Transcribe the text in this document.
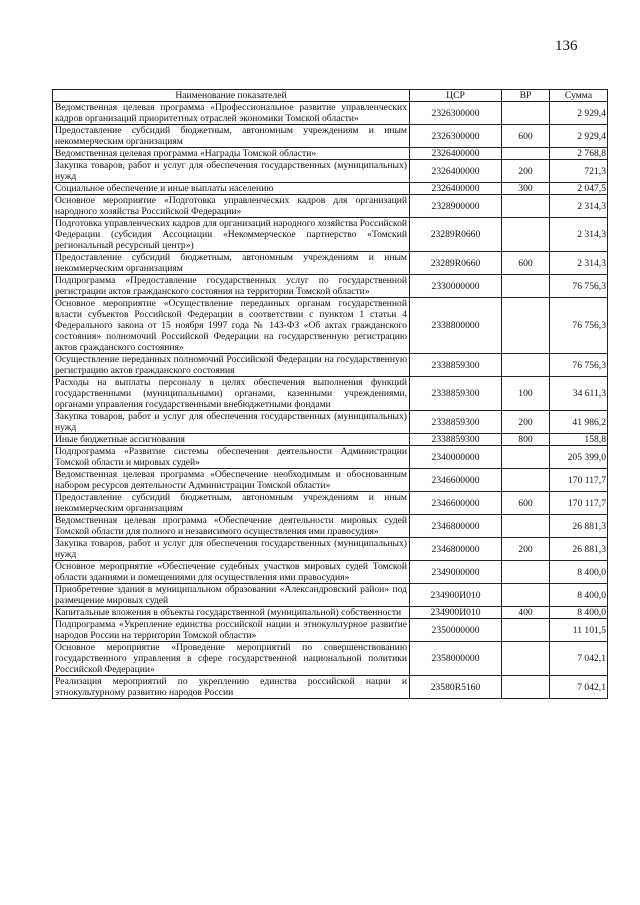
136
Наименование показателей	ЦСР	ВР	Сумма
Ведомственная целевая программа «Профессиональное развитие управленческих кадров организаций приоритетных отраслей экономики Томской области»	2326300000		2 929,4
Предоставление субсидий бюджетным, автономным учреждениям и иным некоммерческим организациям	2326300000	600	2 929,4
Ведомственная целевая программа «Награды Томской области»	2326400000		2 768,8
Закупка товаров, работ и услуг для обеспечения государственных (муниципальных) нужд	2326400000	200	721,3
Социальное обеспечение и иные выплаты населению	2326400000	300	2 047,5
Основное мероприятие «Подготовка управленческих кадров для организаций народного хозяйства Российской Федерации»	2328900000		2 314,3
Подготовка управленческих кадров для организаций народного хозяйства Российской Федерации (субсидия Ассоциации «Некоммерческое партнерство «Томский региональный ресурсный центр»)	23289R0660		2 314,3
Предоставление субсидий бюджетным, автономным учреждениям и иным некоммерческим организациям	23289R0660	600	2 314,3
Подпрограмма «Предоставление государственных услуг по государственной регистрации актов гражданского состояния на территории Томской области»	2330000000		76 756,3
Основное мероприятие «Осуществление переданных органам государственной власти субъектов Российской Федерации в соответствии с пунктом 1 статьи 4 Федерального закона от 15 ноября 1997 года № 143-ФЗ «Об актах гражданского состояния» полномочий Российской Федерации на государственную регистрацию актов гражданского состояния»	2338800000		76 756,3
Осуществление переданных полномочий Российской Федерации на государственную регистрацию актов гражданского состояния	2338859300		76 756,3
Расходы на выплаты персоналу в целях обеспечения выполнения функций государственными (муниципальными) органами, казенными учреждениями, органами управления государственными внебюджетными фондами	2338859300	100	34 611,3
Закупка товаров, работ и услуг для обеспечения государственных (муниципальных) нужд	2338859300	200	41 986,2
Иные бюджетные ассигнования	2338859300	800	158,8
Подпрограмма «Развитие системы обеспечения деятельности Администрации Томской области и мировых судей»	2340000000		205 399,0
Ведомственная целевая программа «Обеспечение необходимым и обоснованным набором ресурсов деятельности Администрации Томской области»	2346600000		170 117,7
Предоставление субсидий бюджетным, автономным учреждениям и иным некоммерческим организациям	2346600000	600	170 117,7
Ведомственная целевая программа «Обеспечение деятельности мировых судей Томской области для полного и независимого осуществления ими правосудия»	2346800000		26 881,3
Закупка товаров, работ и услуг для обеспечения государственных (муниципальных) нужд	2346800000	200	26 881,3
Основное мероприятие «Обеспечение судебных участков мировых судей Томской области зданиями и помещениями для осуществления ими правосудия»	2349000000		8 400,0
Приобретение здания в муниципальном образовании «Александровский район» под размещение мировых судей	234900И010		8 400,0
Капитальные вложения в объекты государственной (муниципальной) собственности	234900И010	400	8 400,0
Подпрограмма «Укрепление единства российской нации и этнокультурное развитие народов России на территории Томской области»	2350000000		11 101,5
Основное мероприятие «Проведение мероприятий по совершенствованию государственного управления в сфере государственной национальной политики Российской Федерации»	2358000000		7 042,1
Реализация мероприятий по укреплению единства российской нации и этнокультурному развитию народов России	23580R5160		7 042,1
